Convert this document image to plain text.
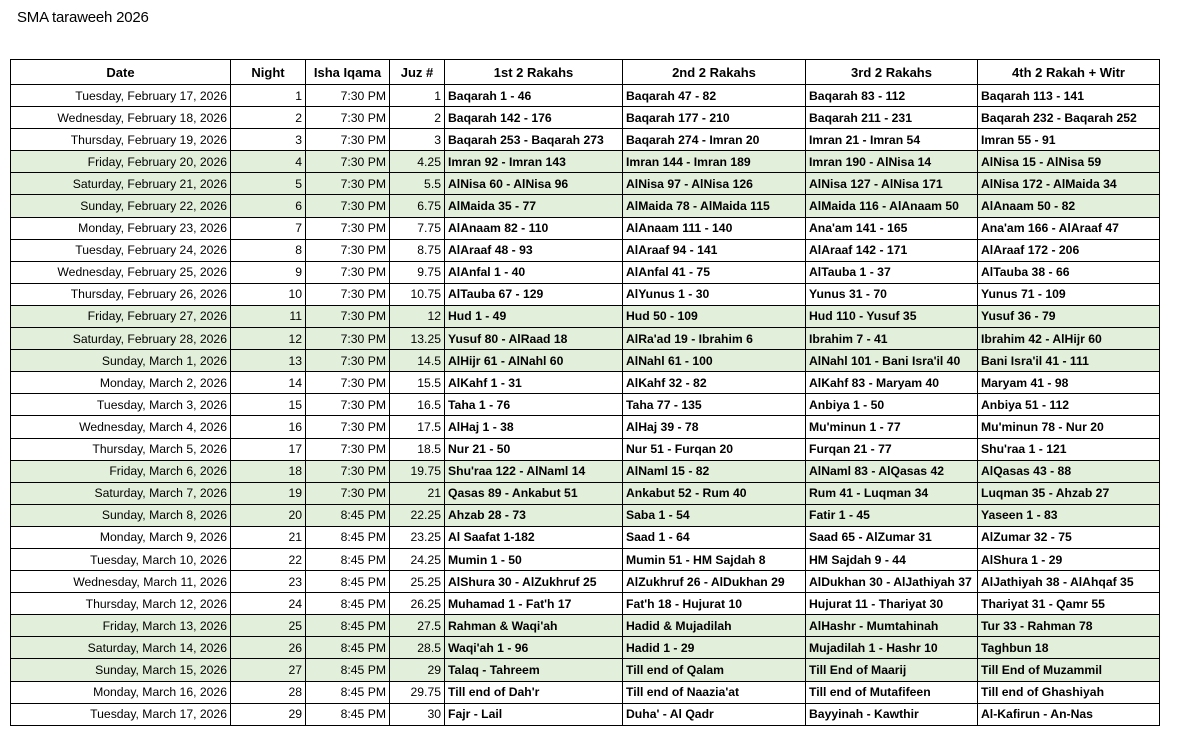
SMA taraweeh 2026
Date	Night	Isha Iqama	Juz #	1st 2 Rakahs	2nd 2 Rakahs	3rd 2 Rakahs	4th 2 Rakah + Witr
Tuesday, February 17, 2026	1	7:30 PM	1	Baqarah 1 - 46	Baqarah 47 - 82	Baqarah 83 - 112	Baqarah 113 - 141
Wednesday, February 18, 2026	2	7:30 PM	2	Baqarah 142 - 176	Baqarah 177 - 210	Baqarah 211 - 231	Baqarah 232 - Baqarah 252
Thursday, February 19, 2026	3	7:30 PM	3	Baqarah 253 - Baqarah 273	Baqarah 274 - Imran 20	Imran 21 - Imran 54	Imran 55 - 91
Friday, February 20, 2026	4	7:30 PM	4.25	Imran 92 - Imran 143	Imran 144 - Imran 189	Imran 190 - AlNisa 14	AlNisa 15 - AlNisa 59
Saturday, February 21, 2026	5	7:30 PM	5.5	AlNisa 60 - AlNisa 96	AlNisa 97 - AlNisa 126	AlNisa 127 - AlNisa 171	AlNisa 172 - AlMaida 34
Sunday, February 22, 2026	6	7:30 PM	6.75	AlMaida 35 - 77	AlMaida 78 - AlMaida 115	AlMaida 116 - AlAnaam 50	AlAnaam 50 - 82
Monday, February 23, 2026	7	7:30 PM	7.75	AlAnaam 82 - 110	AlAnaam 111 - 140	Ana'am 141 - 165	Ana'am 166 - AlAraaf 47
Tuesday, February 24, 2026	8	7:30 PM	8.75	AlAraaf 48 - 93	AlAraaf 94 - 141	AlAraaf 142 - 171	AlAraaf 172 - 206
Wednesday, February 25, 2026	9	7:30 PM	9.75	AlAnfal 1 - 40	AlAnfal 41 - 75	AlTauba 1 - 37	AlTauba 38 - 66
Thursday, February 26, 2026	10	7:30 PM	10.75	AlTauba 67 - 129	AlYunus 1 - 30	Yunus 31 - 70	Yunus 71 - 109
Friday, February 27, 2026	11	7:30 PM	12	Hud 1 - 49	Hud 50 - 109	Hud 110 - Yusuf 35	Yusuf 36 - 79
Saturday, February 28, 2026	12	7:30 PM	13.25	Yusuf 80 - AlRaad 18	AlRa'ad 19 - Ibrahim 6	Ibrahim 7 - 41	Ibrahim 42 - AlHijr 60
Sunday, March 1, 2026	13	7:30 PM	14.5	AlHijr 61 - AlNahl 60	AlNahl 61 - 100	AlNahl 101 - Bani Isra'il 40	Bani Isra'il 41 - 111
Monday, March 2, 2026	14	7:30 PM	15.5	AlKahf 1 - 31	AlKahf 32 - 82	AlKahf 83 - Maryam 40	Maryam 41 - 98
Tuesday, March 3, 2026	15	7:30 PM	16.5	Taha 1 - 76	Taha 77 - 135	Anbiya 1 - 50	Anbiya 51 - 112
Wednesday, March 4, 2026	16	7:30 PM	17.5	AlHaj 1 - 38	AlHaj 39 - 78	Mu'minun 1 - 77	Mu'minun 78 - Nur 20
Thursday, March 5, 2026	17	7:30 PM	18.5	Nur 21 - 50	Nur 51 - Furqan 20	Furqan 21 - 77	Shu'raa 1 - 121
Friday, March 6, 2026	18	7:30 PM	19.75	Shu'raa 122 - AlNaml 14	AlNaml 15 - 82	AlNaml 83 - AlQasas 42	AlQasas 43 - 88
Saturday, March 7, 2026	19	7:30 PM	21	Qasas 89 - Ankabut 51	Ankabut 52 - Rum 40	Rum 41 - Luqman 34	Luqman 35 - Ahzab 27
Sunday, March 8, 2026	20	8:45 PM	22.25	Ahzab 28 - 73	Saba 1 - 54	Fatir 1 - 45	Yaseen 1 - 83
Monday, March 9, 2026	21	8:45 PM	23.25	Al Saafat 1-182	Saad 1 - 64	Saad 65 - AlZumar 31	AlZumar 32 - 75
Tuesday, March 10, 2026	22	8:45 PM	24.25	Mumin 1 - 50	Mumin 51 - HM Sajdah 8	HM Sajdah 9 - 44	AlShura 1 - 29
Wednesday, March 11, 2026	23	8:45 PM	25.25	AlShura 30 - AlZukhruf 25	AlZukhruf 26 - AlDukhan 29	AlDukhan 30 - AlJathiyah 37	AlJathiyah 38 - AlAhqaf 35
Thursday, March 12, 2026	24	8:45 PM	26.25	Muhamad 1 - Fat'h 17	Fat'h 18 - Hujurat 10	Hujurat 11 - Thariyat 30	Thariyat 31 - Qamr 55
Friday, March 13, 2026	25	8:45 PM	27.5	Rahman & Waqi'ah	Hadid & Mujadilah	AlHashr - Mumtahinah	Tur 33 - Rahman 78
Saturday, March 14, 2026	26	8:45 PM	28.5	Waqi'ah 1 - 96	Hadid 1 - 29	Mujadilah 1 - Hashr 10	Taghbun 18
Sunday, March 15, 2026	27	8:45 PM	29	Talaq - Tahreem	Till end of Qalam	Till End of Maarij	Till End of Muzammil
Monday, March 16, 2026	28	8:45 PM	29.75	Till end of Dah'r	Till end of Naazia'at	Till end of Mutafifeen	Till end of Ghashiyah
Tuesday, March 17, 2026	29	8:45 PM	30	Fajr - Lail	Duha' - Al Qadr	Bayyinah - Kawthir	Al-Kafirun - An-Nas
